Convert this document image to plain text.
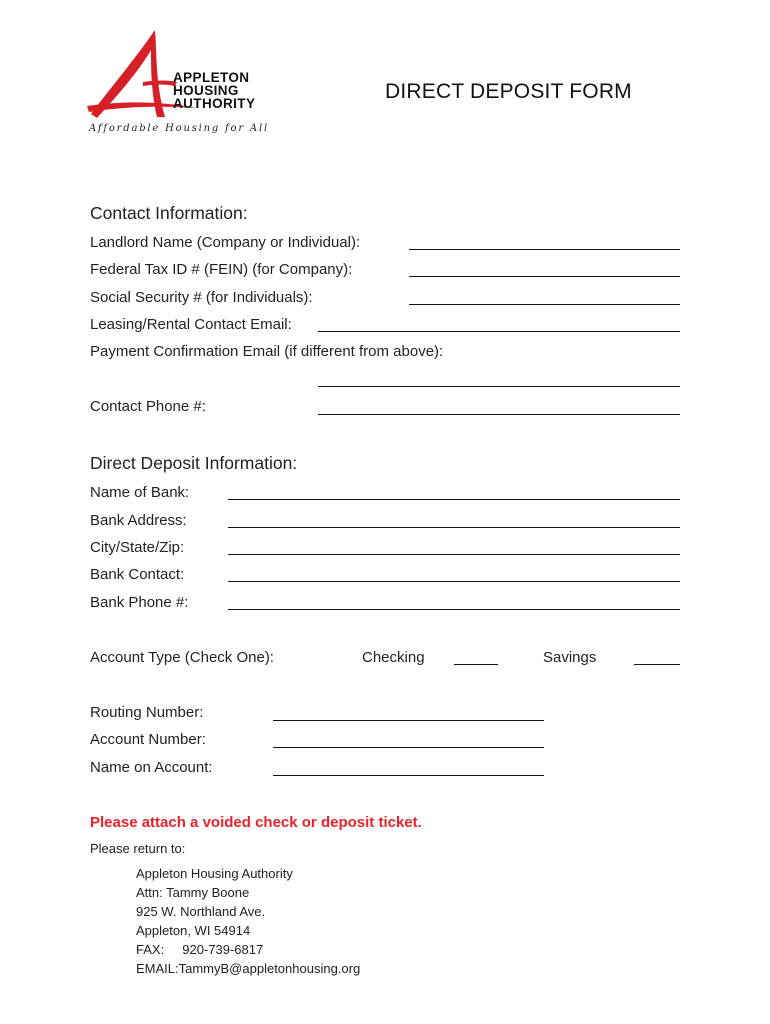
APPLETON
HOUSING
AUTHORITY
Affordable Housing for All
DIRECT DEPOSIT FORM
Contact Information:
Landlord Name (Company or Individual):
Federal Tax ID # (FEIN) (for Company):
Social Security # (for Individuals):
Leasing/Rental Contact Email:
Payment Confirmation Email (if different from above):
Contact Phone #:
Direct Deposit Information:
Name of Bank:
Bank Address:
City/State/Zip:
Bank Contact:
Bank Phone #:
Account Type (Check One):	Checking	Savings
Routing Number:
Account Number:
Name on Account:
Please attach a voided check or deposit ticket.
Please return to:
Appleton Housing Authority
Attn: Tammy Boone
925 W. Northland Ave.
Appleton, WI 54914
FAX:     920-739-6817
EMAIL:TammyB@appletonhousing.org
